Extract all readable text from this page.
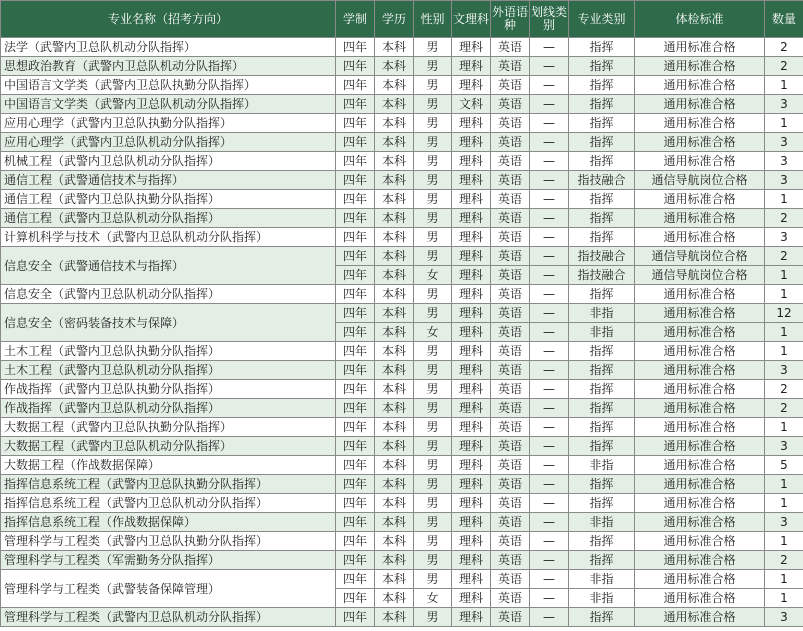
专业名称（招考方向）	学制	学历	性别	文理科	外语语种	划线类别	专业类别	体检标准	数量
法学（武警内卫总队机动分队指挥）	四年	本科	男	理科	英语	—	指挥	通用标准合格	2
思想政治教育（武警内卫总队机动分队指挥）	四年	本科	男	理科	英语	—	指挥	通用标准合格	2
中国语言文学类（武警内卫总队执勤分队指挥）	四年	本科	男	理科	英语	—	指挥	通用标准合格	1
中国语言文学类（武警内卫总队机动分队指挥）	四年	本科	男	文科	英语	—	指挥	通用标准合格	3
应用心理学（武警内卫总队执勤分队指挥）	四年	本科	男	理科	英语	—	指挥	通用标准合格	1
应用心理学（武警内卫总队机动分队指挥）	四年	本科	男	理科	英语	—	指挥	通用标准合格	3
机械工程（武警内卫总队机动分队指挥）	四年	本科	男	理科	英语	—	指挥	通用标准合格	3
通信工程（武警通信技术与指挥）	四年	本科	男	理科	英语	—	指技融合	通信导航岗位合格	3
通信工程（武警内卫总队执勤分队指挥）	四年	本科	男	理科	英语	—	指挥	通用标准合格	1
通信工程（武警内卫总队机动分队指挥）	四年	本科	男	理科	英语	—	指挥	通用标准合格	2
计算机科学与技术（武警内卫总队机动分队指挥）	四年	本科	男	理科	英语	—	指挥	通用标准合格	3
信息安全（武警通信技术与指挥）	四年	本科	男	理科	英语	—	指技融合	通信导航岗位合格	2
	四年	本科	女	理科	英语	—	指技融合	通信导航岗位合格	1
信息安全（武警内卫总队机动分队指挥）	四年	本科	男	理科	英语	—	指挥	通用标准合格	1
信息安全（密码装备技术与保障）	四年	本科	男	理科	英语	—	非指	通用标准合格	12
	四年	本科	女	理科	英语	—	非指	通用标准合格	1
土木工程（武警内卫总队执勤分队指挥）	四年	本科	男	理科	英语	—	指挥	通用标准合格	1
土木工程（武警内卫总队机动分队指挥）	四年	本科	男	理科	英语	—	指挥	通用标准合格	3
作战指挥（武警内卫总队执勤分队指挥）	四年	本科	男	理科	英语	—	指挥	通用标准合格	2
作战指挥（武警内卫总队机动分队指挥）	四年	本科	男	理科	英语	—	指挥	通用标准合格	2
大数据工程（武警内卫总队执勤分队指挥）	四年	本科	男	理科	英语	—	指挥	通用标准合格	1
大数据工程（武警内卫总队机动分队指挥）	四年	本科	男	理科	英语	—	指挥	通用标准合格	3
大数据工程（作战数据保障）	四年	本科	男	理科	英语	—	非指	通用标准合格	5
指挥信息系统工程（武警内卫总队执勤分队指挥）	四年	本科	男	理科	英语	—	指挥	通用标准合格	1
指挥信息系统工程（武警内卫总队机动分队指挥）	四年	本科	男	理科	英语	—	指挥	通用标准合格	1
指挥信息系统工程（作战数据保障）	四年	本科	男	理科	英语	—	非指	通用标准合格	3
管理科学与工程类（武警内卫总队执勤分队指挥）	四年	本科	男	理科	英语	—	指挥	通用标准合格	1
管理科学与工程类（军需勤务分队指挥）	四年	本科	男	理科	英语	—	指挥	通用标准合格	2
管理科学与工程类（武警装备保障管理）	四年	本科	男	理科	英语	—	非指	通用标准合格	1
	四年	本科	女	理科	英语	—	非指	通用标准合格	1
管理科学与工程类（武警内卫总队机动分队指挥）	四年	本科	男	理科	英语	—	指挥	通用标准合格	3
